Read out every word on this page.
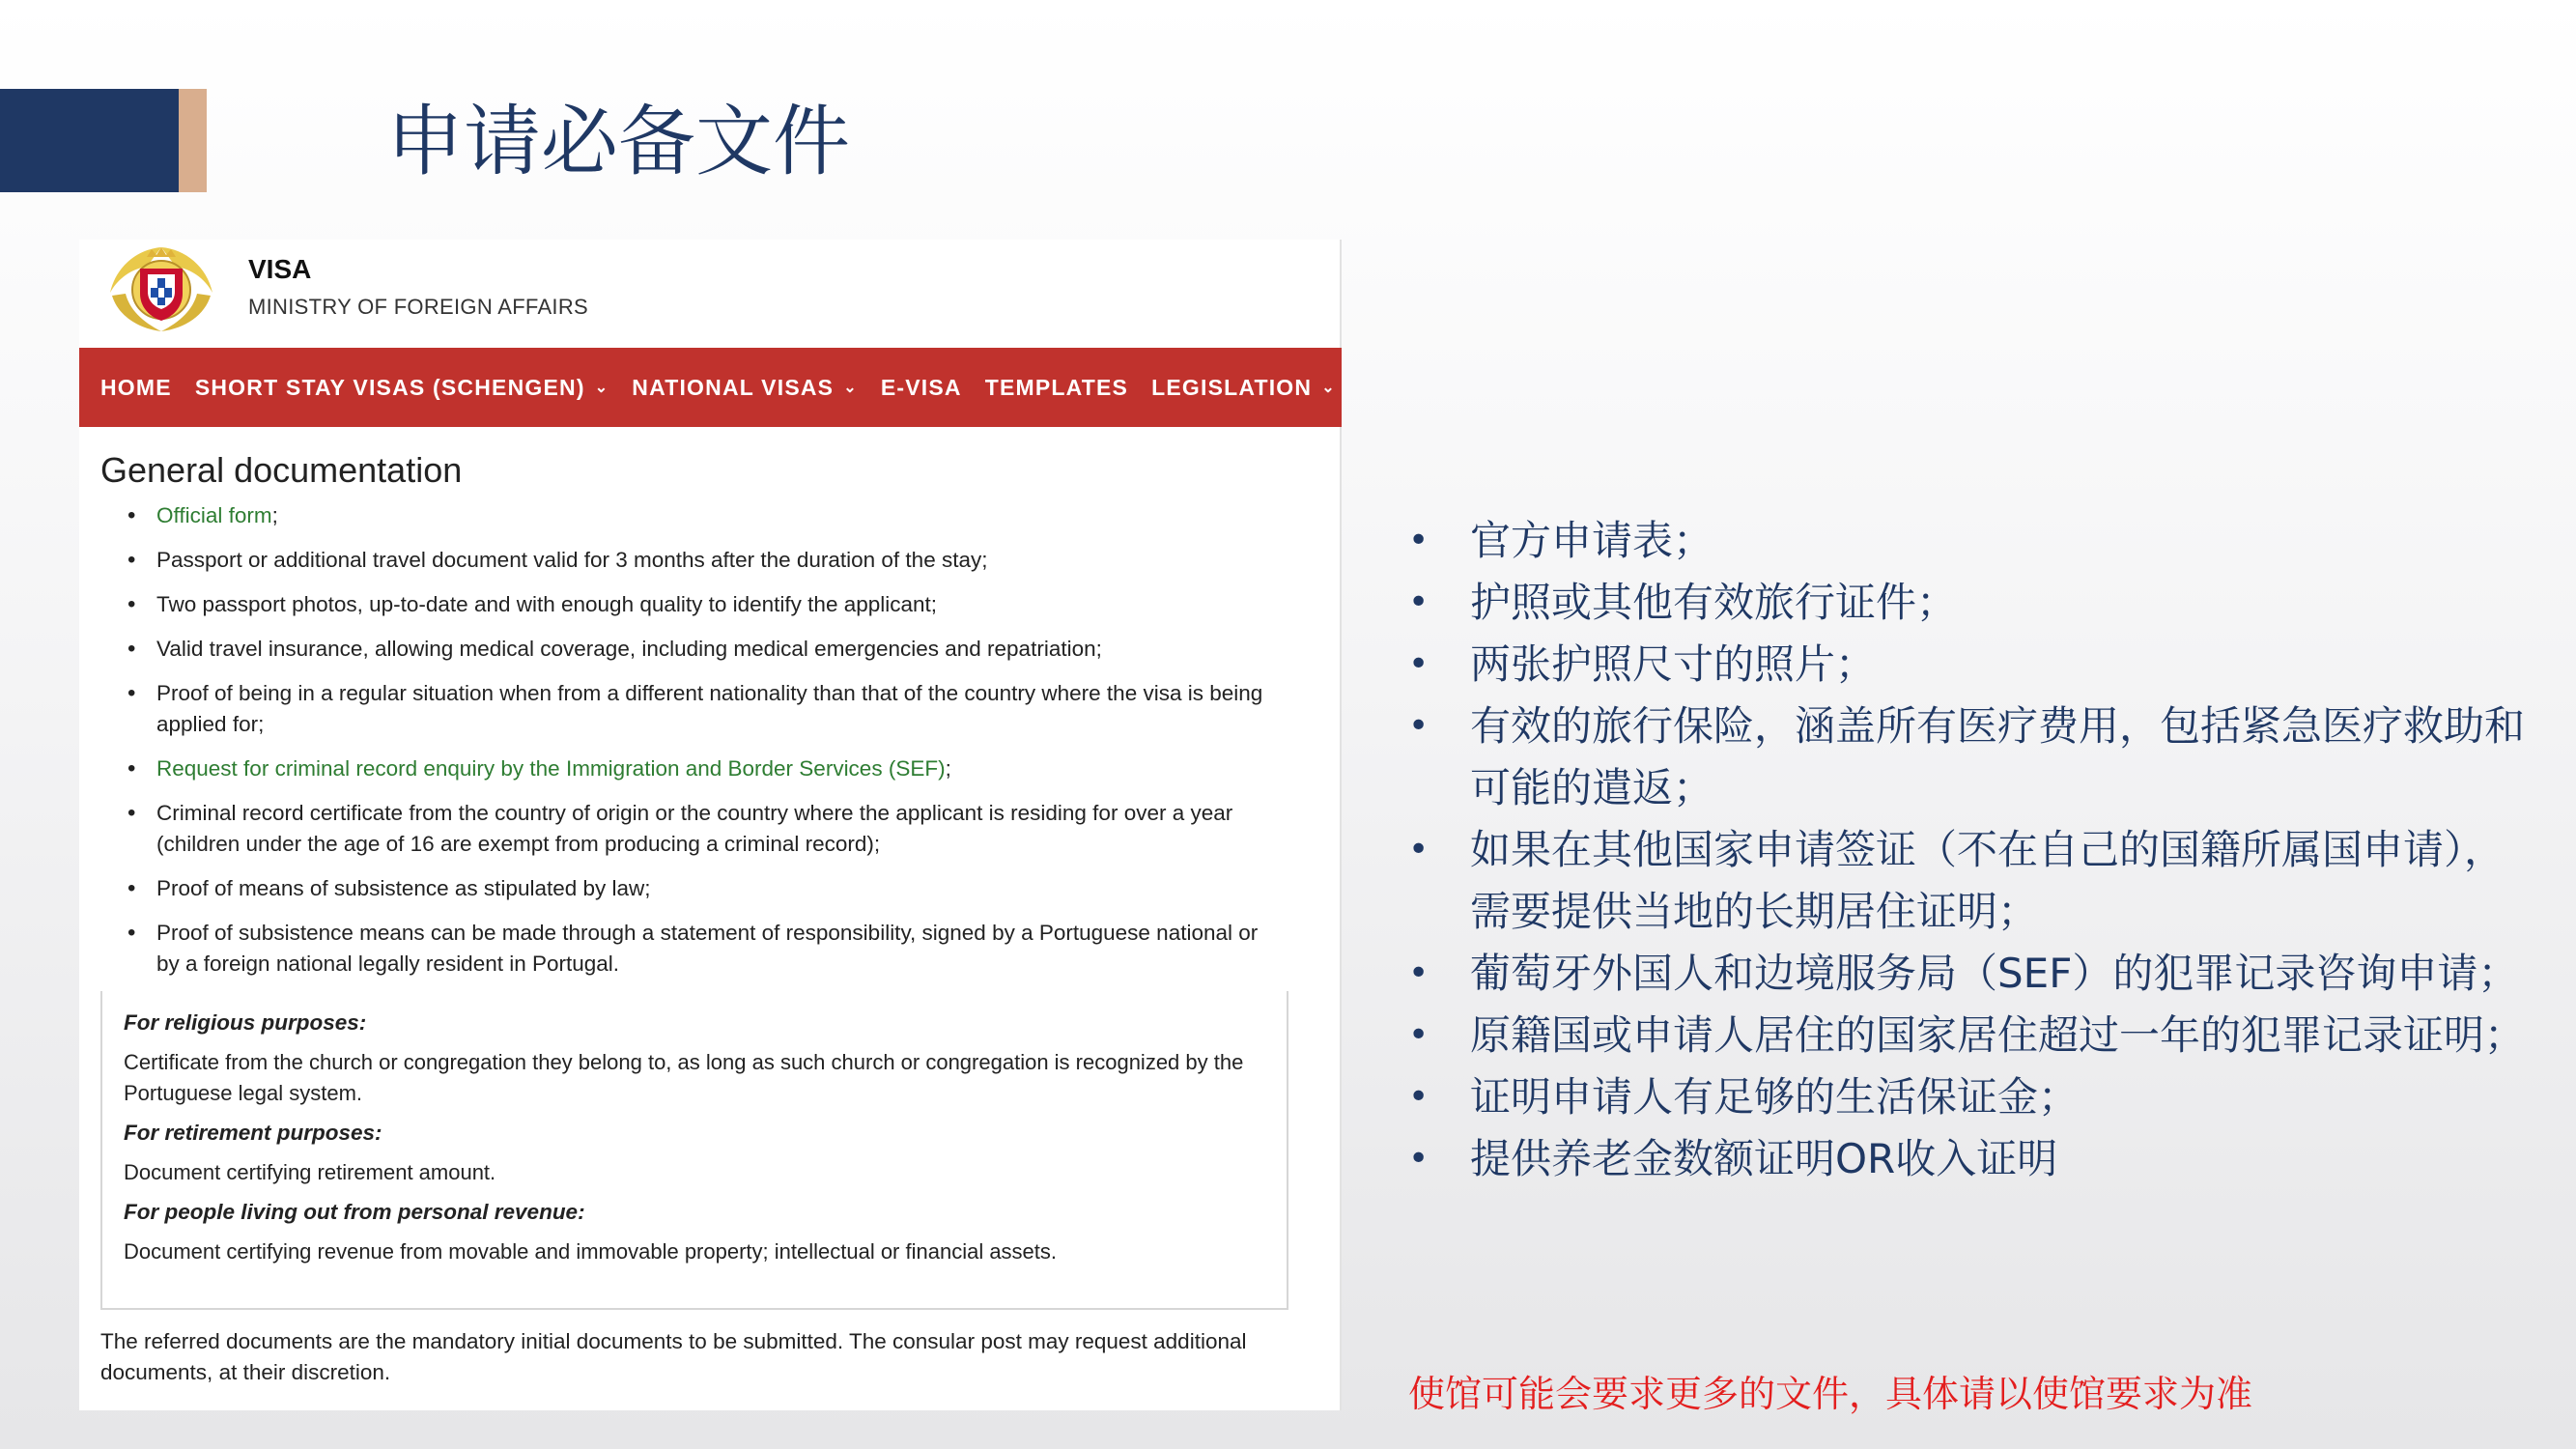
申请必备文件
VISA
MINISTRY OF FOREIGN AFFAIRS
HOME SHORT STAY VISAS (SCHENGEN) ⌄ NATIONAL VISAS ⌄ E-VISA TEMPLATES LEGISLATION ⌄
General documentation
• Official form;
• Passport or additional travel document valid for 3 months after the duration of the stay;
• Two passport photos, up-to-date and with enough quality to identify the applicant;
• Valid travel insurance, allowing medical coverage, including medical emergencies and repatriation;
• Proof of being in a regular situation when from a different nationality than that of the country where the visa is being applied for;
• Request for criminal record enquiry by the Immigration and Border Services (SEF);
• Criminal record certificate from the country of origin or the country where the applicant is residing for over a year (children under the age of 16 are exempt from producing a criminal record);
• Proof of means of subsistence as stipulated by law;
• Proof of subsistence means can be made through a statement of responsibility, signed by a Portuguese national or by a foreign national legally resident in Portugal.
For religious purposes:
Certificate from the church or congregation they belong to, as long as such church or congregation is recognized by the Portuguese legal system.
For retirement purposes:
Document certifying retirement amount.
For people living out from personal revenue:
Document certifying revenue from movable and immovable property; intellectual or financial assets.
The referred documents are the mandatory initial documents to be submitted. The consular post may request additional documents, at their discretion.
• 官方申请表；
• 护照或其他有效旅行证件；
• 两张护照尺寸的照片；
• 有效的旅行保险，涵盖所有医疗费用，包括紧急医疗救助和可能的遣返；
• 如果在其他国家申请签证（不在自己的国籍所属国申请），需要提供当地的长期居住证明；
• 葡萄牙外国人和边境服务局（SEF）的犯罪记录咨询申请；
• 原籍国或申请人居住的国家居住超过一年的犯罪记录证明；
• 证明申请人有足够的生活保证金；
• 提供养老金数额证明OR收入证明
使馆可能会要求更多的文件，具体请以使馆要求为准
